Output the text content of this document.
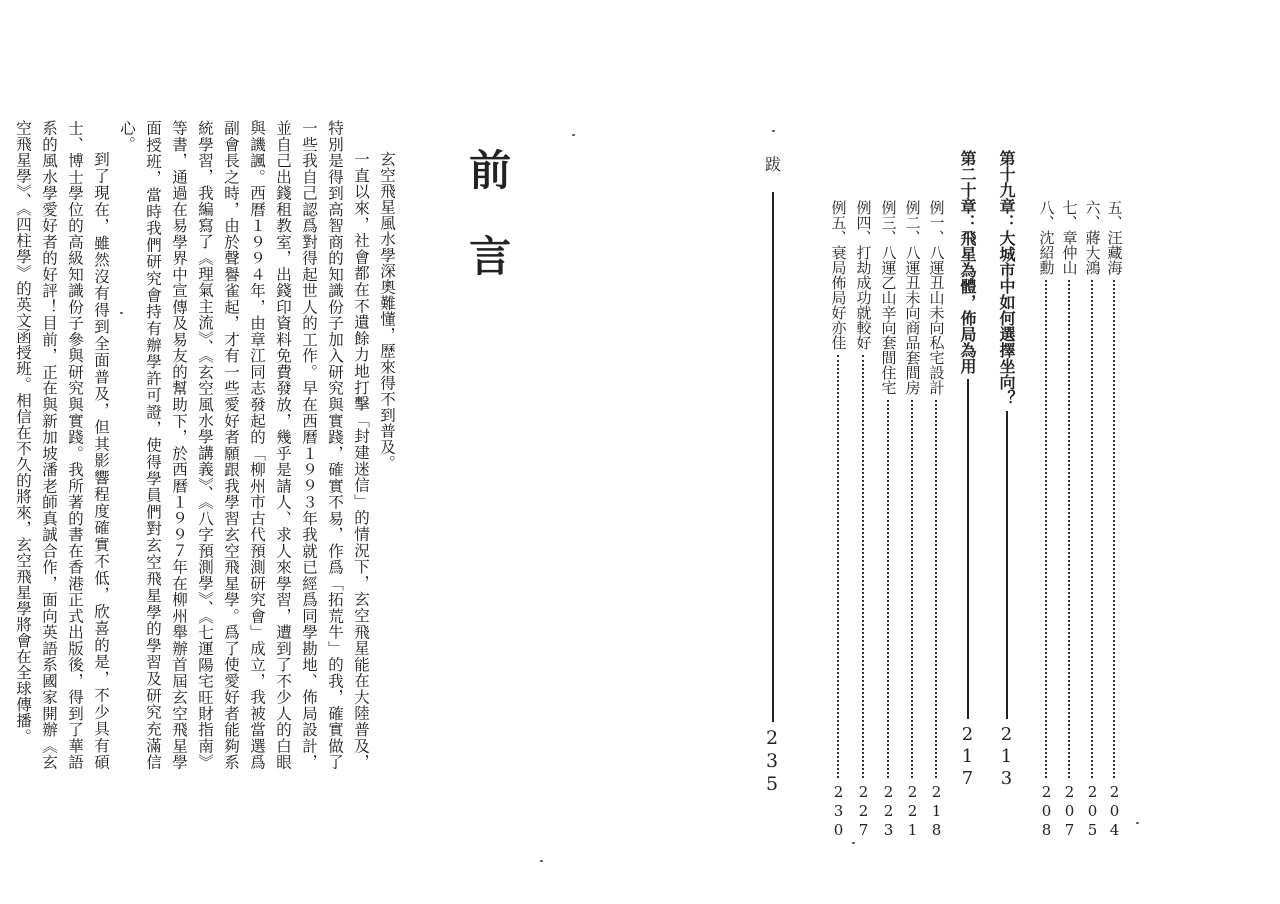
前言

玄空飛星風水學深奧難懂，歷來得不到普及。

一直以來，社會都在不遺餘力地打擊「封建迷信」的情況下，玄空飛星能在大陸普及，特別是得到高智商的知識份子加入研究與實踐，確實不易，作爲「拓荒牛」的我，確實做了一些我自己認爲對得起世人的工作。早在西曆１９９３年我就已經爲同學勘地、佈局設計，並自己出錢租教室，出錢印資料免費發放，幾乎是請人、求人來學習，遭到了不少人的白眼與譏諷。西曆１９９４年，由章江同志發起的「柳州市古代預測研究會」成立，我被當選爲副會長之時，由於聲譽雀起，才有一些愛好者願跟我學習玄空飛星學。爲了使愛好者能夠系統學習，我編寫了《理氣主流》、《玄空風水學講義》、《八字預測學》、《七運陽宅旺財指南》等書，通過在易學界中宣傳及易友的幫助下，於西曆１９９７年在柳州舉辦首屆玄空飛星學面授班，當時我們研究會持有辦學許可證，使得學員們對玄空飛星學的學習及研究充滿信心。

到了現在，雖然沒有得到全面普及，但其影響程度確實不低，欣喜的是，不少具有碩士、博士學位的高級知識份子參與研究與實踐。我所著的書在香港正式出版後，得到了華語系的風水學愛好者的好評！目前，正在與新加坡潘老師真誠合作，面向英語系國家開辦《玄空飛星學》、《四柱學》的英文函授班。相信在不久的將來，玄空飛星學將會在全球傳播。	五、汪藏海
204
六、蔣大鴻
205
七、章仲山
207
八、沈紹勳
208
第十九章：大城市中如何選擇坐向？
213
第二十章：飛星為體，佈局為用
217
例一、八運丑山未向私宅設計
218
例二、八運丑未向商品套間房
221
例三、八運乙山辛向套間住宅
223
例四、打劫成功就較好
227
例五、衰局佈局好亦佳
230
跋
235
